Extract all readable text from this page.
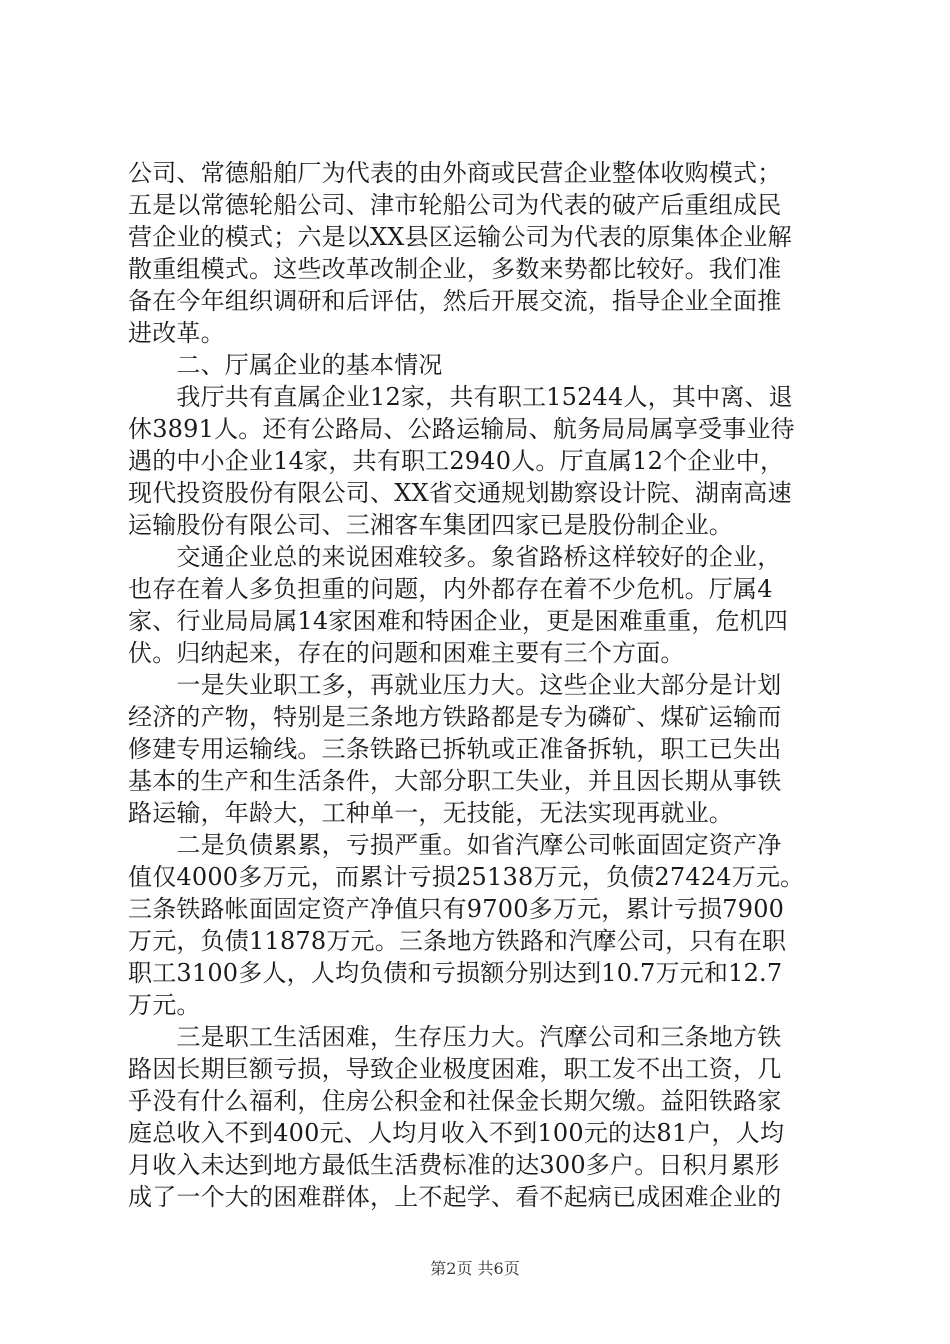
公司、常德船舶厂为代表的由外商或民营企业整体收购模式；
五是以常德轮船公司、津市轮船公司为代表的破产后重组成民
营企业的模式；六是以XX县区运输公司为代表的原集体企业解
散重组模式。这些改革改制企业，多数来势都比较好。我们准
备在今年组织调研和后评估，然后开展交流，指导企业全面推
进改革。
　　二、厅属企业的基本情况
　　我厅共有直属企业12家，共有职工15244人，其中离、退
休3891人。还有公路局、公路运输局、航务局局属享受事业待
遇的中小企业14家，共有职工2940人。厅直属12个企业中，
现代投资股份有限公司、XX省交通规划勘察设计院、湖南高速
运输股份有限公司、三湘客车集团四家已是股份制企业。
　　交通企业总的来说困难较多。象省路桥这样较好的企业，
也存在着人多负担重的问题，内外都存在着不少危机。厅属4
家、行业局局属14家困难和特困企业，更是困难重重，危机四
伏。归纳起来，存在的问题和困难主要有三个方面。
　　一是失业职工多，再就业压力大。这些企业大部分是计划
经济的产物，特别是三条地方铁路都是专为磷矿、煤矿运输而
修建专用运输线。三条铁路已拆轨或正准备拆轨，职工已失出
基本的生产和生活条件，大部分职工失业，并且因长期从事铁
路运输，年龄大，工种单一，无技能，无法实现再就业。
　　二是负债累累，亏损严重。如省汽摩公司帐面固定资产净
值仅4000多万元，而累计亏损25138万元，负债27424万元。
三条铁路帐面固定资产净值只有9700多万元，累计亏损7900
万元，负债11878万元。三条地方铁路和汽摩公司，只有在职
职工3100多人，人均负债和亏损额分别达到10.7万元和12.7
万元。
　　三是职工生活困难，生存压力大。汽摩公司和三条地方铁
路因长期巨额亏损，导致企业极度困难，职工发不出工资，几
乎没有什么福利，住房公积金和社保金长期欠缴。益阳铁路家
庭总收入不到400元、人均月收入不到100元的达81户，人均
月收入未达到地方最低生活费标准的达300多户。日积月累形
成了一个大的困难群体，上不起学、看不起病已成困难企业的
第2页 共6页
